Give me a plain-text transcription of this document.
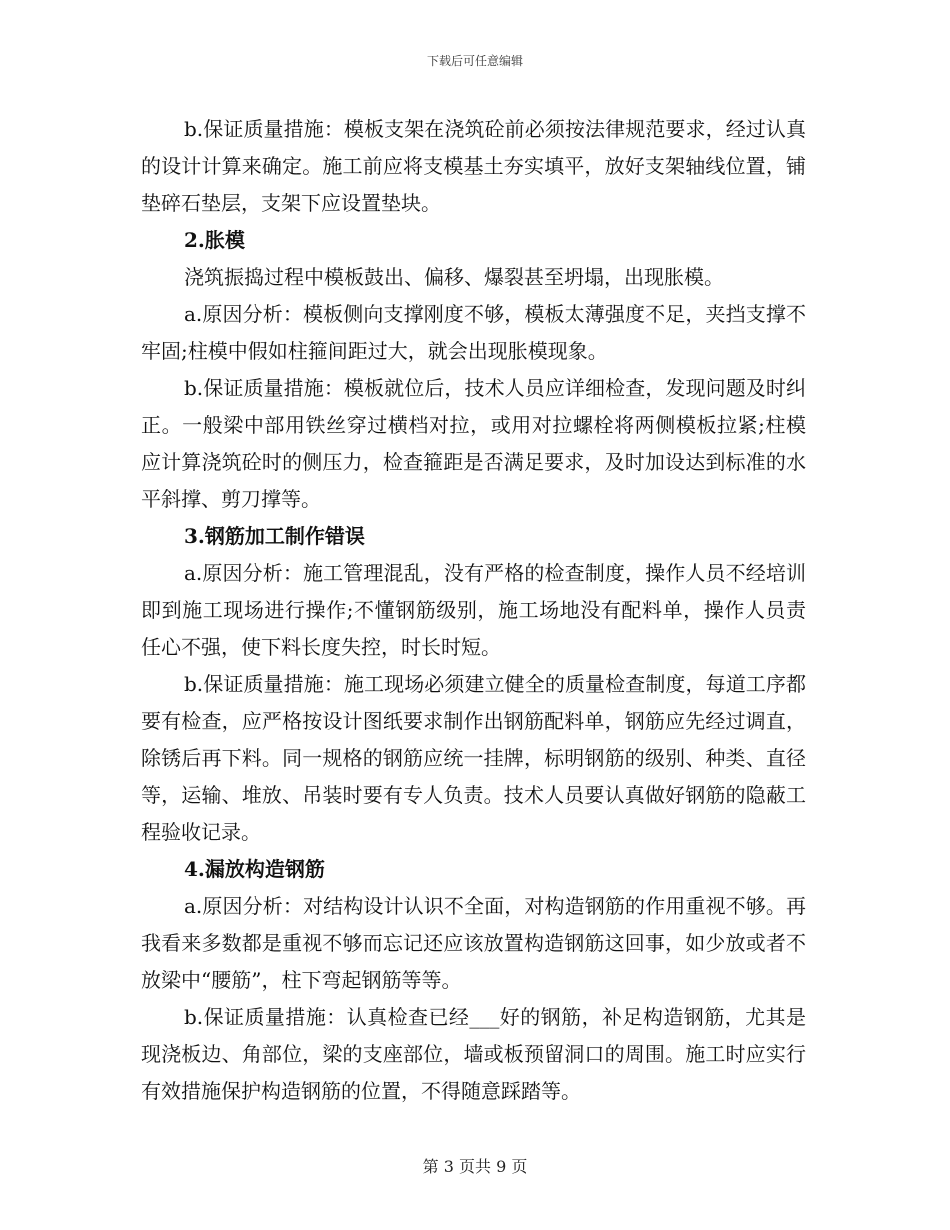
下载后可任意编辑

b.保证质量措施：模板支架在浇筑砼前必须按法律规范要求，经过认真的设计计算来确定。施工前应将支模基土夯实填平，放好支架轴线位置，铺垫碎石垫层，支架下应设置垫块。

2.胀模

浇筑振捣过程中模板鼓出、偏移、爆裂甚至坍塌，出现胀模。

a.原因分析：模板侧向支撑刚度不够，模板太薄强度不足，夹挡支撑不牢固;柱模中假如柱箍间距过大，就会出现胀模现象。

b.保证质量措施：模板就位后，技术人员应详细检查，发现问题及时纠正。一般梁中部用铁丝穿过横档对拉，或用对拉螺栓将两侧模板拉紧;柱模应计算浇筑砼时的侧压力，检查箍距是否满足要求，及时加设达到标准的水平斜撑、剪刀撑等。

3.钢筋加工制作错误

a.原因分析：施工管理混乱，没有严格的检查制度，操作人员不经培训即到施工现场进行操作;不懂钢筋级别，施工场地没有配料单，操作人员责任心不强，使下料长度失控，时长时短。

b.保证质量措施：施工现场必须建立健全的质量检查制度，每道工序都要有检查，应严格按设计图纸要求制作出钢筋配料单，钢筋应先经过调直，除锈后再下料。同一规格的钢筋应统一挂牌，标明钢筋的级别、种类、直径等，运输、堆放、吊装时要有专人负责。技术人员要认真做好钢筋的隐蔽工程验收记录。

4.漏放构造钢筋

a.原因分析：对结构设计认识不全面，对构造钢筋的作用重视不够。再我看来多数都是重视不够而忘记还应该放置构造钢筋这回事，如少放或者不放梁中“腰筋”，柱下弯起钢筋等等。

b.保证质量措施：认真检查已经___好的钢筋，补足构造钢筋，尤其是现浇板边、角部位，梁的支座部位，墙或板预留洞口的周围。施工时应实行有效措施保护构造钢筋的位置，不得随意踩踏等。

第 3 页共 9 页
